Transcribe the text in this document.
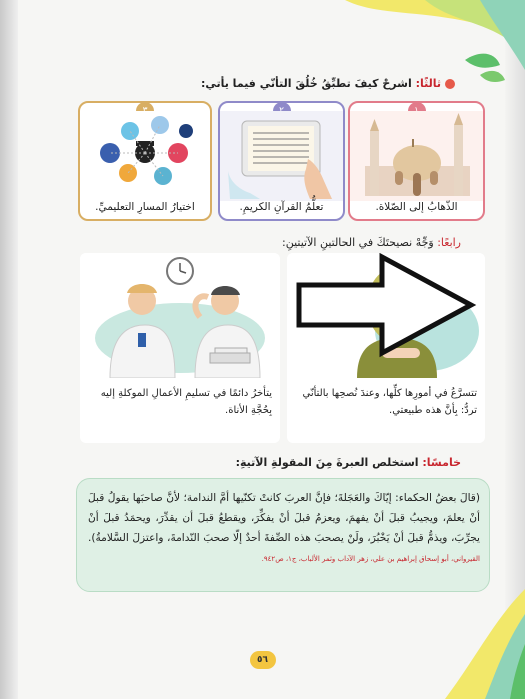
ثالثًا: اشرحْ كيفَ تطبِّقُ خُلُقَ التأنّي فيما يأتي:
الذّهابُ إلى الصّلاة.
تعلُّمُ القرآنِ الكريمِ.
اختيارُ المسارِ التعليميِّ.
رابعًا: وَجِّهْ نصيحتَكَ في الحالتينِ الآتيتينِ:
تتسرَّعُ في أمورِها كلِّها، وعندَ نُصحِها بالتأنّي تردُّ: بِأنَّ هذه طبيعتي.
يتأخرُ دائمًا في تسليمِ الأعمالِ الموكلةِ إليه بِحُجَّةِ الأناة.
خامسًا: استخلص العبرةَ مِنَ المقولةِ الآتيةِ:
(قالَ بعضُ الحكماء: إيّاكَ والعَجَلةَ؛ فإنَّ العربَ كانتْ تكنّيها أمَّ الندامة؛ لأنَّ صاحبَها يقولُ قبلَ أنْ يعلمَ، ويجيبُ قبلَ أنْ يفهمَ، ويعزمُ قبلَ أنْ يفكِّرَ، ويقطعُ قبلَ أن يقدِّرَ، ويحمَدُ قبلَ أنْ يجرِّبَ، ويذمُّ قبلَ أنْ يَخْبُرَ، ولَنْ يصحبَ هذه الصِّفةَ أحدٌ إلّا صحبَ النّدامةَ، واعتزلَ السَّلامةُ). القيرواني، أبو إسحاق إبراهيم بن علي، زهر الآداب وثمر الألباب، ج١، ص٩٤٢.
٥٦
